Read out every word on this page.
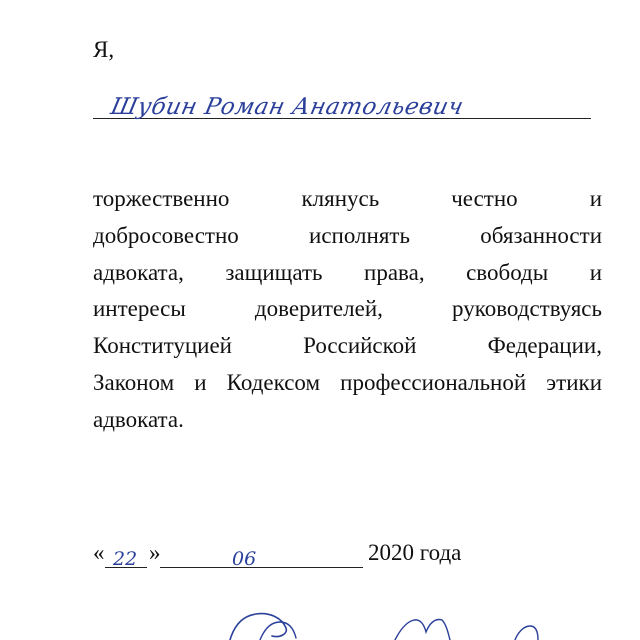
Я,
Шубин Роман Анатольевич
торжественно клянусь честно и
добросовестно исполнять обязанности
адвоката, защищать права, свободы и
интересы доверителей, руководствуясь
Конституцией Российской Федерации,
Законом и Кодексом профессиональной этики
адвоката.
« 22 »	06	2020 года
